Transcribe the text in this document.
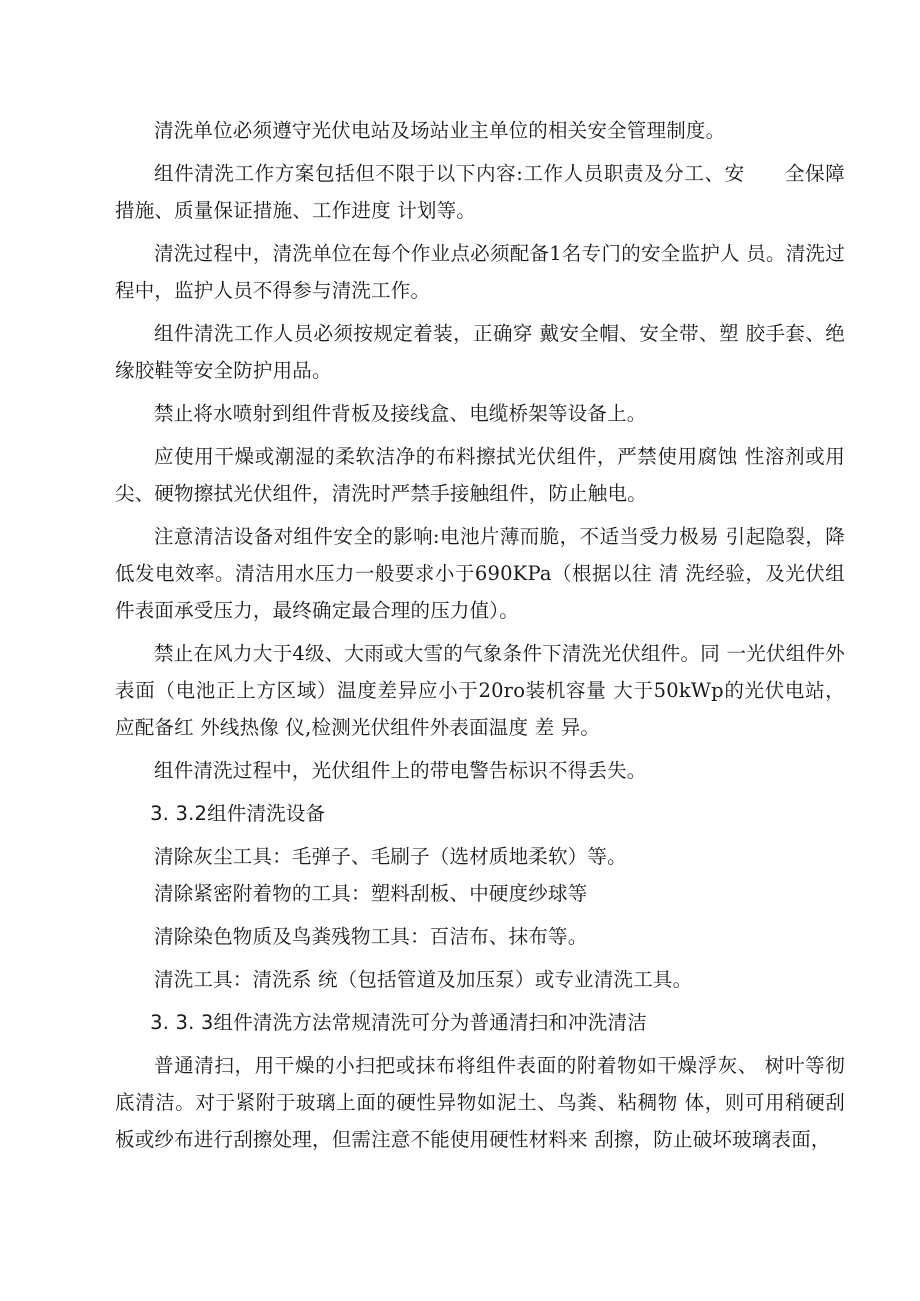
清洗单位必须遵守光伏电站及场站业主单位的相关安全管理制度。

组件清洗工作方案包括但不限于以下内容:工作人员职责及分工、安　　全保障措施、质量保证措施、工作进度 计划等。

清洗过程中，清洗单位在每个作业点必须配备1名专门的安全监护人 员。清洗过程中，监护人员不得参与清洗工作。

组件清洗工作人员必须按规定着装，正确穿 戴安全帽、安全带、塑 胶手套、绝缘胶鞋等安全防护用品。

禁止将水喷射到组件背板及接线盒、电缆桥架等设备上。

应使用干燥或潮湿的柔软洁净的布料擦拭光伏组件，严禁使用腐蚀 性溶剂或用尖、硬物擦拭光伏组件，清洗时严禁手接触组件，防止触电。

注意清洁设备对组件安全的影响:电池片薄而脆，不适当受力极易 引起隐裂，降低发电效率。清洁用水压力一般要求小于690KPa（根据以往 清 洗经验，及光伏组件表面承受压力，最终确定最合理的压力值）。

禁止在风力大于4级、大雨或大雪的气象条件下清洗光伏组件。同 一光伏组件外表面（电池正上方区域）温度差异应小于20ro装机容量 大于50kWp的光伏电站，应配备红 外线热像 仪,检测光伏组件外表面温度 差 异。

组件清洗过程中，光伏组件上的带电警告标识不得丢失。

3. 3.2组件清洗设备

清除灰尘工具：毛弹子、毛刷子（选材质地柔软）等。

清除紧密附着物的工具：塑料刮板、中硬度纱球等

清除染色物质及鸟粪残物工具：百洁布、抹布等。

清洗工具：清洗系 统（包括管道及加压泵）或专业清洗工具。

3. 3. 3组件清洗方法常规清洗可分为普通清扫和冲洗清洁

普通清扫，用干燥的小扫把或抹布将组件表面的附着物如干燥浮灰、 树叶等彻底清洁。对于紧附于玻璃上面的硬性异物如泥土、鸟粪、粘稠物 体，则可用稍硬刮板或纱布进行刮擦处理，但需注意不能使用硬性材料来 刮擦，防止破坏玻璃表面，
